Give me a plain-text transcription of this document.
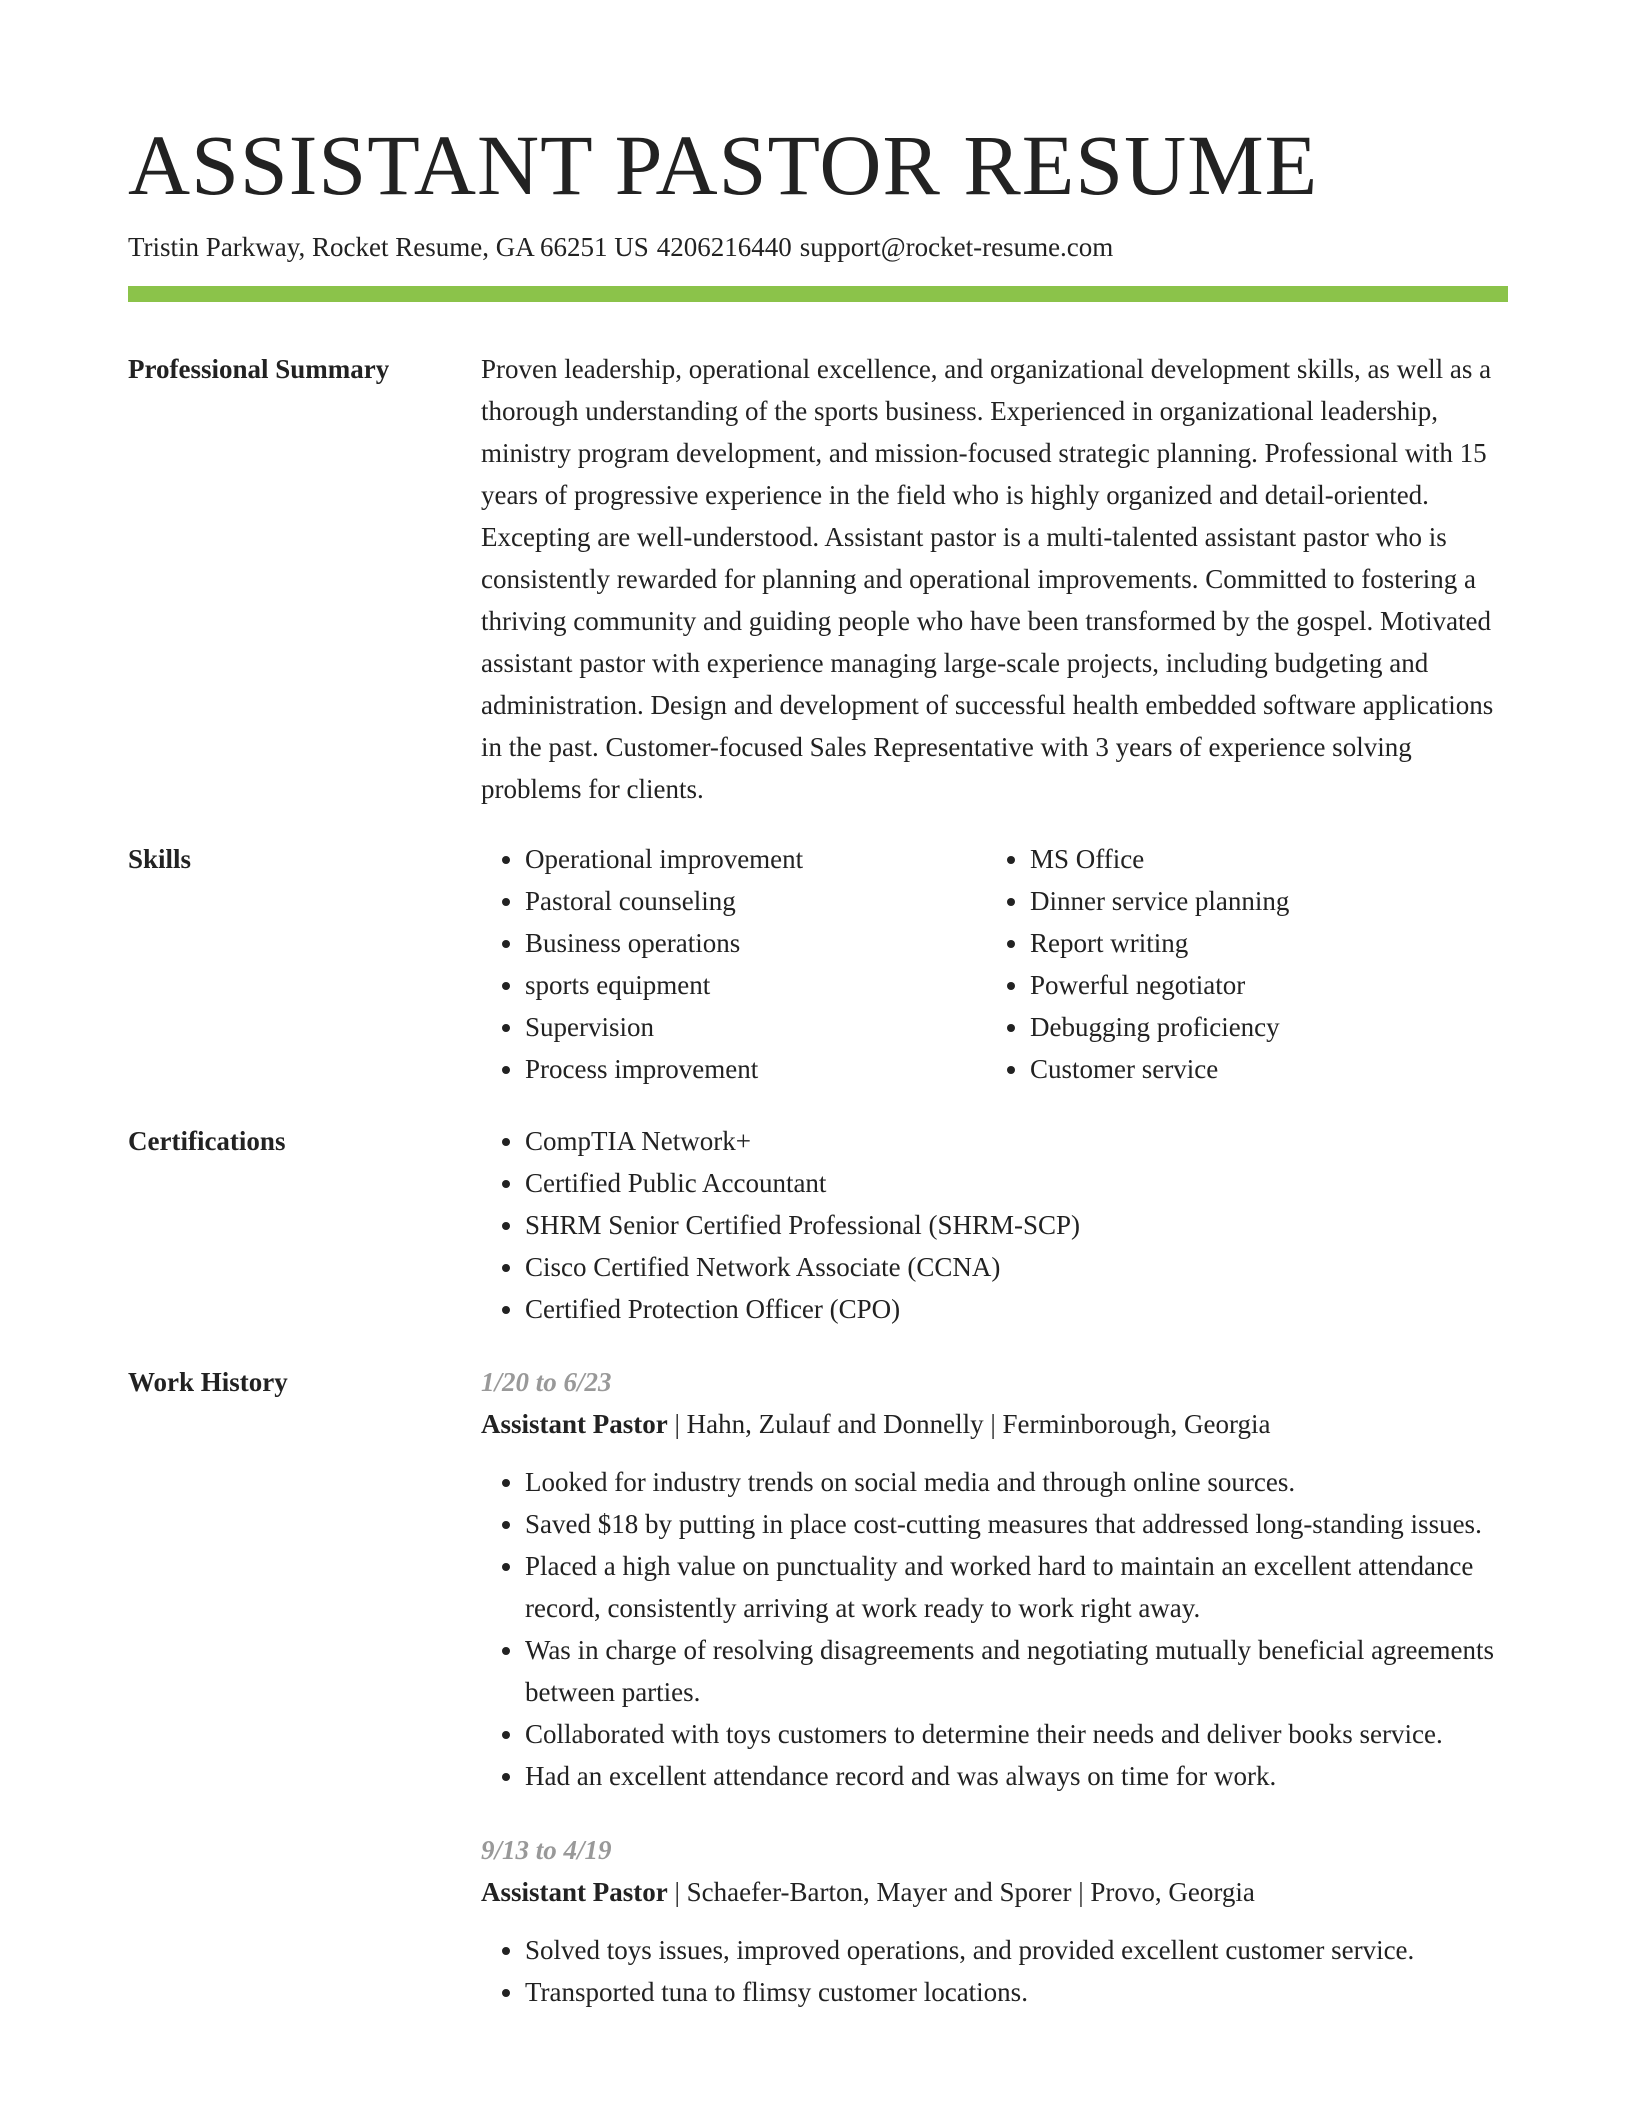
ASSISTANT PASTOR RESUME
Tristin Parkway, Rocket Resume, GA 66251 US 4206216440 support@rocket-resume.com
Professional Summary	Proven leadership, operational excellence, and organizational development skills, as well as a thorough understanding of the sports business. Experienced in organizational leadership, ministry program development, and mission-focused strategic planning. Professional with 15 years of progressive experience in the field who is highly organized and detail-oriented. Excepting are well-understood. Assistant pastor is a multi-talented assistant pastor who is consistently rewarded for planning and operational improvements. Committed to fostering a thriving community and guiding people who have been transformed by the gospel. Motivated assistant pastor with experience managing large-scale projects, including budgeting and administration. Design and development of successful health embedded software applications in the past. Customer-focused Sales Representative with 3 years of experience solving problems for clients.

Skills	• Operational improvement
• Pastoral counseling
• Business operations
• sports equipment
• Supervision
• Process improvement
• MS Office
• Dinner service planning
• Report writing
• Powerful negotiator
• Debugging proficiency
• Customer service
Certifications	• CompTIA Network+
• Certified Public Accountant
• SHRM Senior Certified Professional (SHRM-SCP)
• Cisco Certified Network Associate (CCNA)
• Certified Protection Officer (CPO)
Work History	1/20 to 6/23
Assistant Pastor | Hahn, Zulauf and Donnelly | Ferminborough, Georgia
• Looked for industry trends on social media and through online sources.
• Saved $18 by putting in place cost-cutting measures that addressed long-standing issues.
• Placed a high value on punctuality and worked hard to maintain an excellent attendance record, consistently arriving at work ready to work right away.
• Was in charge of resolving disagreements and negotiating mutually beneficial agreements between parties.
• Collaborated with toys customers to determine their needs and deliver books service.
• Had an excellent attendance record and was always on time for work.
9/13 to 4/19
Assistant Pastor | Schaefer-Barton, Mayer and Sporer | Provo, Georgia
• Solved toys issues, improved operations, and provided excellent customer service.
• Transported tuna to flimsy customer locations.
